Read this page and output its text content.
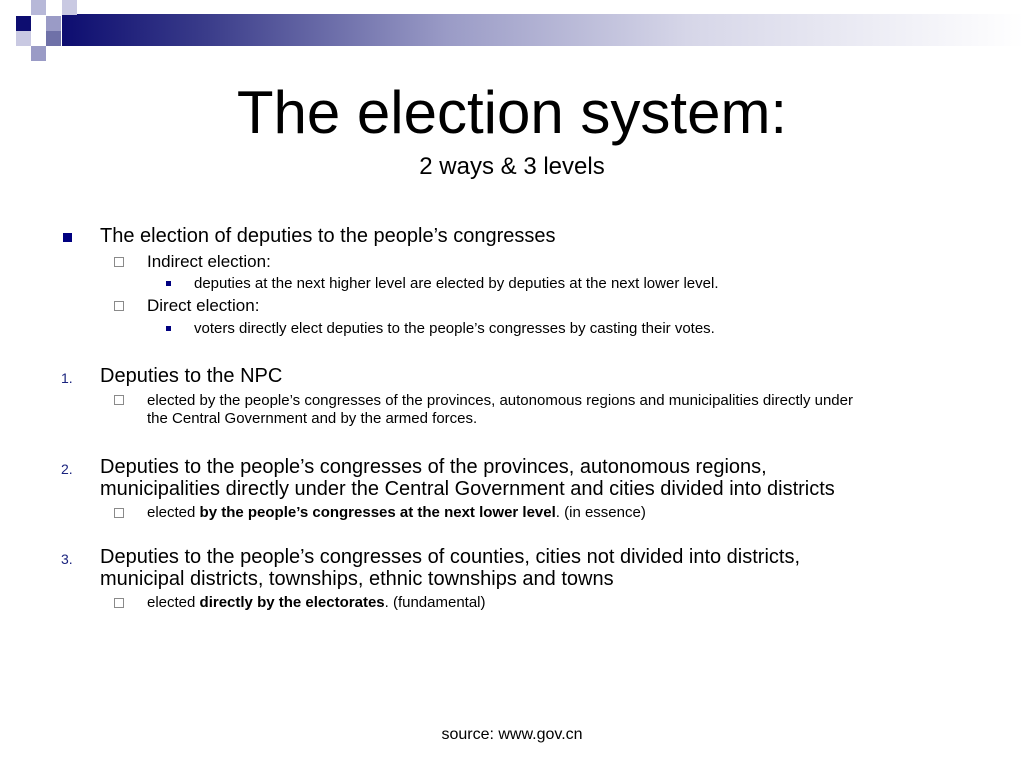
The election system:
2 ways & 3 levels
The election of deputies to the people’s congresses
Indirect election:
deputies at the next higher level are elected by deputies at the next lower level.
Direct election:
voters directly elect deputies to the people’s congresses by casting their votes.
1. Deputies to the NPC
elected by the people’s congresses of the provinces, autonomous regions and municipalities directly under
the Central Government and by the armed forces.
2. Deputies to the people’s congresses of the provinces, autonomous regions,
municipalities directly under the Central Government and cities divided into districts
elected by the people’s congresses at the next lower level. (in essence)
3. Deputies to the people’s congresses of counties, cities not divided into districts,
municipal districts, townships, ethnic townships and towns
elected directly by the electorates. (fundamental)
source: www.gov.cn
